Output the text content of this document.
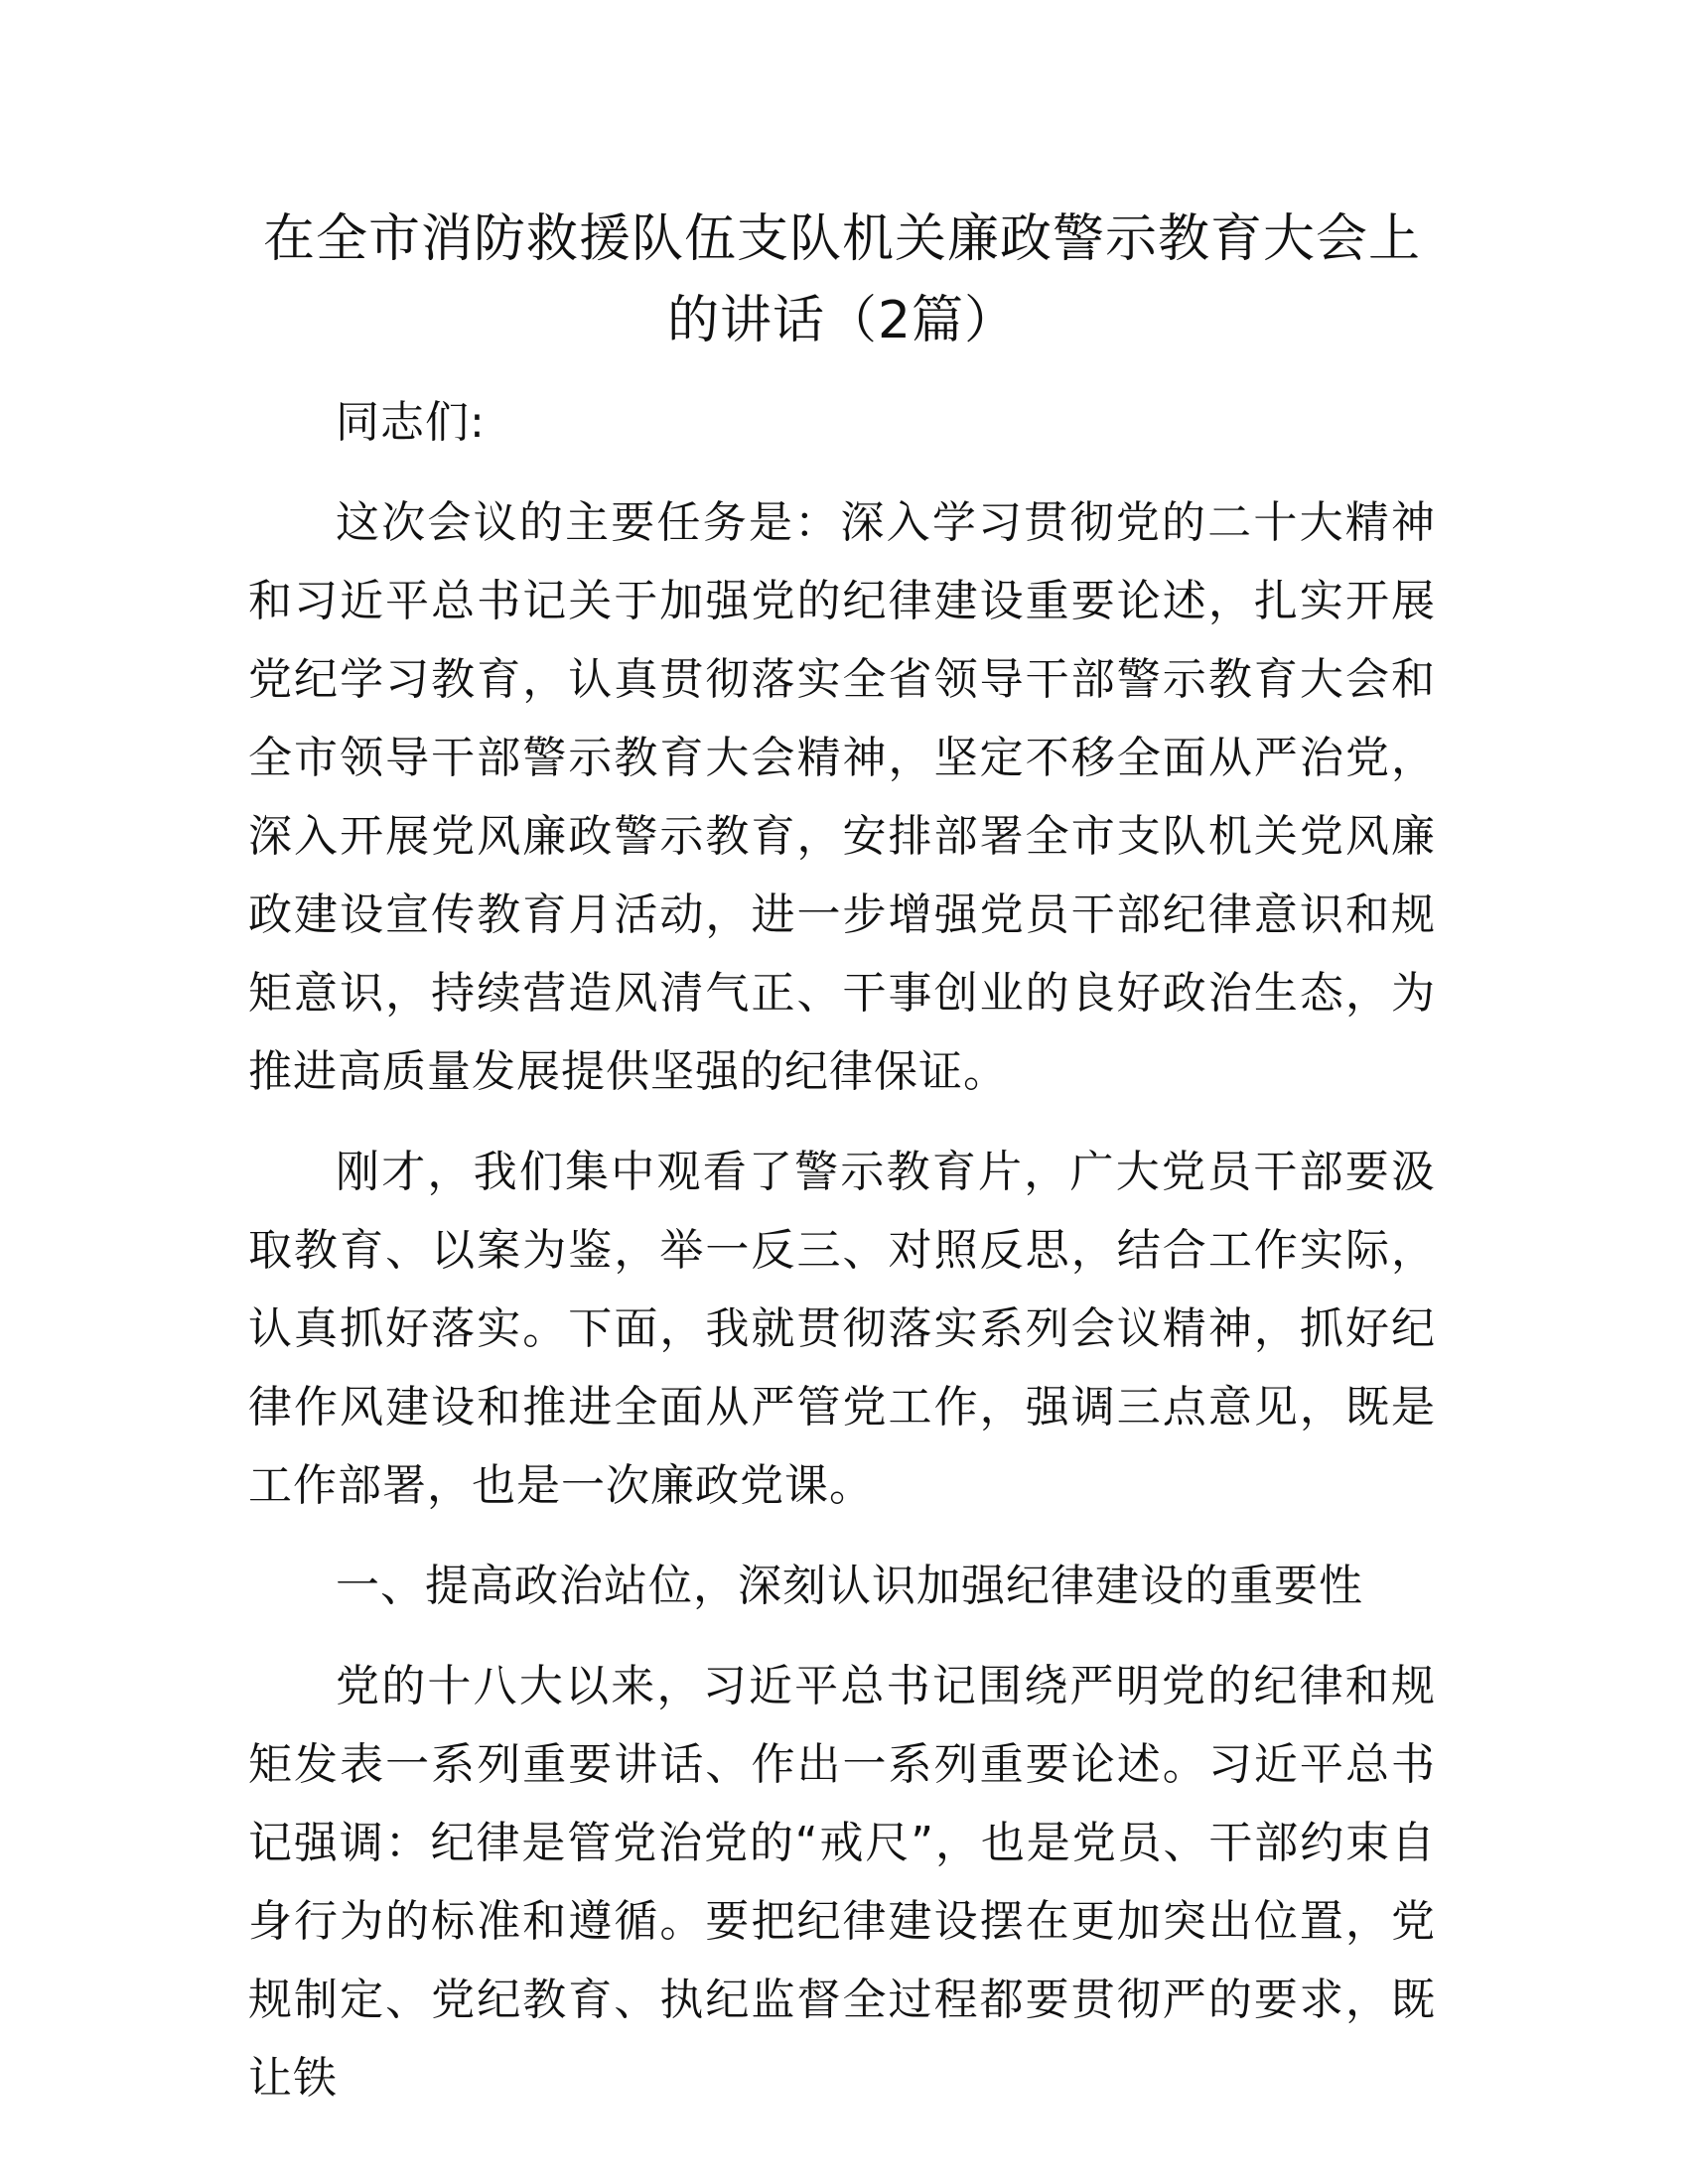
在全市消防救援队伍支队机关廉政警示教育大会上的讲话（2篇）

同志们:

这次会议的主要任务是：深入学习贯彻党的二十大精神和习近平总书记关于加强党的纪律建设重要论述，扎实开展党纪学习教育，认真贯彻落实全省领导干部警示教育大会和全市领导干部警示教育大会精神，坚定不移全面从严治党，深入开展党风廉政警示教育，安排部署全市支队机关党风廉政建设宣传教育月活动，进一步增强党员干部纪律意识和规矩意识，持续营造风清气正、干事创业的良好政治生态，为推进高质量发展提供坚强的纪律保证。

刚才，我们集中观看了警示教育片，广大党员干部要汲取教育、以案为鉴，举一反三、对照反思，结合工作实际，认真抓好落实。下面，我就贯彻落实系列会议精神，抓好纪律作风建设和推进全面从严管党工作，强调三点意见，既是工作部署，也是一次廉政党课。

一、提高政治站位，深刻认识加强纪律建设的重要性

党的十八大以来，习近平总书记围绕严明党的纪律和规矩发表一系列重要讲话、作出一系列重要论述。习近平总书记强调：纪律是管党治党的“戒尺”，也是党员、干部约束自身行为的标准和遵循。要把纪律建设摆在更加突出位置，党规制定、党纪教育、执纪监督全过程都要贯彻严的要求，既让铁
